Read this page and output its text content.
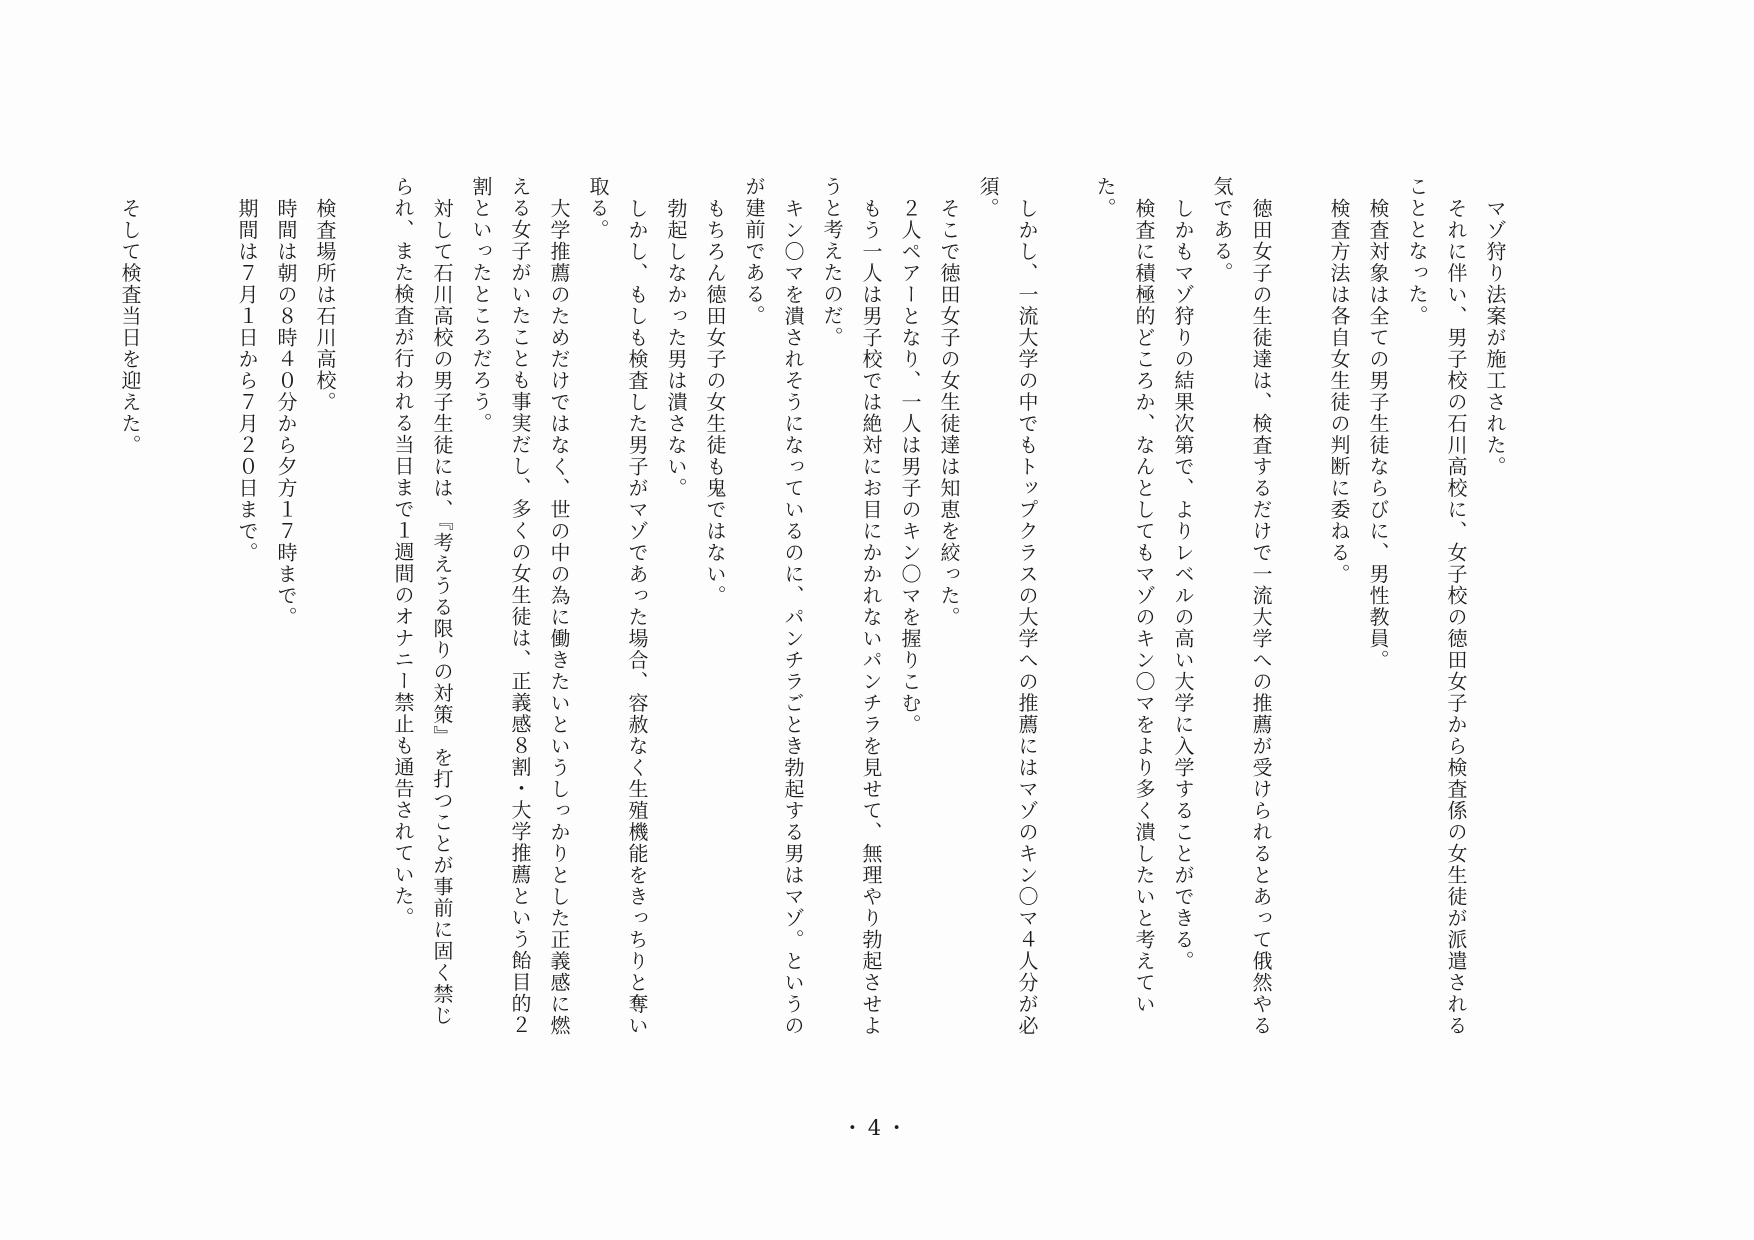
マゾ狩り法案が施工された。

それに伴い、男子校の石川高校に、女子校の徳田女子から検査係の女生徒が派遣されることとなった。

検査対象は全ての男子生徒ならびに、男性教員。

検査方法は各自女生徒の判断に委ねる。

徳田女子の生徒達は、検査するだけで一流大学への推薦が受けられるとあって俄然やる気である。

しかもマゾ狩りの結果次第で、よりレベルの高い大学に入学することができる。

検査に積極的どころか、なんとしてもマゾのキン〇マをより多く潰したいと考えていた。

しかし、一流大学の中でもトップクラスの大学への推薦にはマゾのキン〇マ４人分が必須。

そこで徳田女子の女生徒達は知恵を絞った。

２人ペアーとなり、一人は男子のキン〇マを握りこむ。

もう一人は男子校では絶対にお目にかかれないパンチラを見せて、無理やり勃起させようと考えたのだ。

キン〇マを潰されそうになっているのに、パンチラごとき勃起する男はマゾ。というのが建前である。

もちろん徳田女子の女生徒も鬼ではない。

勃起しなかった男は潰さない。

しかし、もしも検査した男子がマゾであった場合、容赦なく生殖機能をきっちりと奪い取る。

大学推薦のためだけではなく、世の中の為に働きたいというしっかりとした正義感に燃える女子がいたことも事実だし、多くの女生徒は、正義感８割・大学推薦という飴目的２割といったところだろう。

対して石川高校の男子生徒には、『考えうる限りの対策』を打つことが事前に固く禁じられ、また検査が行われる当日まで１週間のオナニー禁止も通告されていた。

検査場所は石川高校。

時間は朝の８時４０分から夕方１７時まで。

期間は７月１日から７月２０日まで。

そして検査当日を迎えた。

・4・
